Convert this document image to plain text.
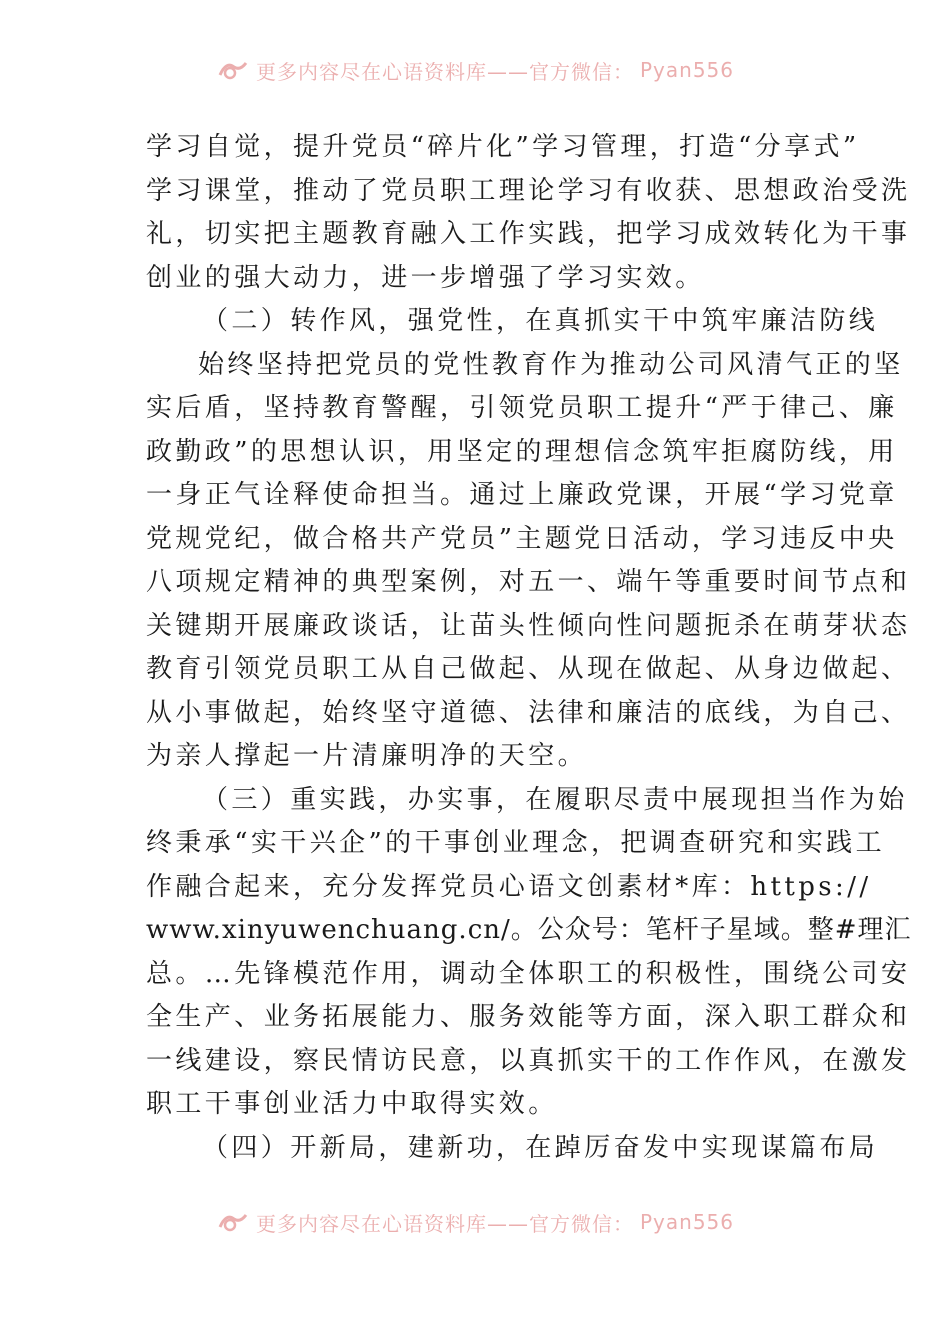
更多内容尽在心语资料库——官方微信： Pyan556

学习自觉，提升党员“碎片化”学习管理，打造“分享式”
学习课堂，推动了党员职工理论学习有收获、思想政治受洗
礼，切实把主题教育融入工作实践，把学习成效转化为干事
创业的强大动力，进一步增强了学习实效。

（二）转作风，强党性，在真抓实干中筑牢廉洁防线

始终坚持把党员的党性教育作为推动公司风清气正的坚
实后盾，坚持教育警醒，引领党员职工提升“严于律己、廉
政勤政”的思想认识，用坚定的理想信念筑牢拒腐防线，用
一身正气诠释使命担当。通过上廉政党课，开展“学习党章
党规党纪，做合格共产党员”主题党日活动，学习违反中央
八项规定精神的典型案例，对五一、端午等重要时间节点和
关键期开展廉政谈话，让苗头性倾向性问题扼杀在萌芽状态
教育引领党员职工从自己做起、从现在做起、从身边做起、
从小事做起，始终坚守道德、法律和廉洁的底线，为自己、
为亲人撑起一片清廉明净的天空。

（三）重实践，办实事，在履职尽责中展现担当作为始
终秉承“实干兴企”的干事创业理念，把调查研究和实践工
作融合起来，充分发挥党员心语文创素材*库：https://
www.xinyuwenchuang.cn/。公众号：笔杆子星域。整#理汇
总。…先锋模范作用，调动全体职工的积极性，围绕公司安
全生产、业务拓展能力、服务效能等方面，深入职工群众和
一线建设，察民情访民意，以真抓实干的工作作风，在激发
职工干事创业活力中取得实效。

（四）开新局，建新功，在踔厉奋发中实现谋篇布局

更多内容尽在心语资料库——官方微信： Pyan556
